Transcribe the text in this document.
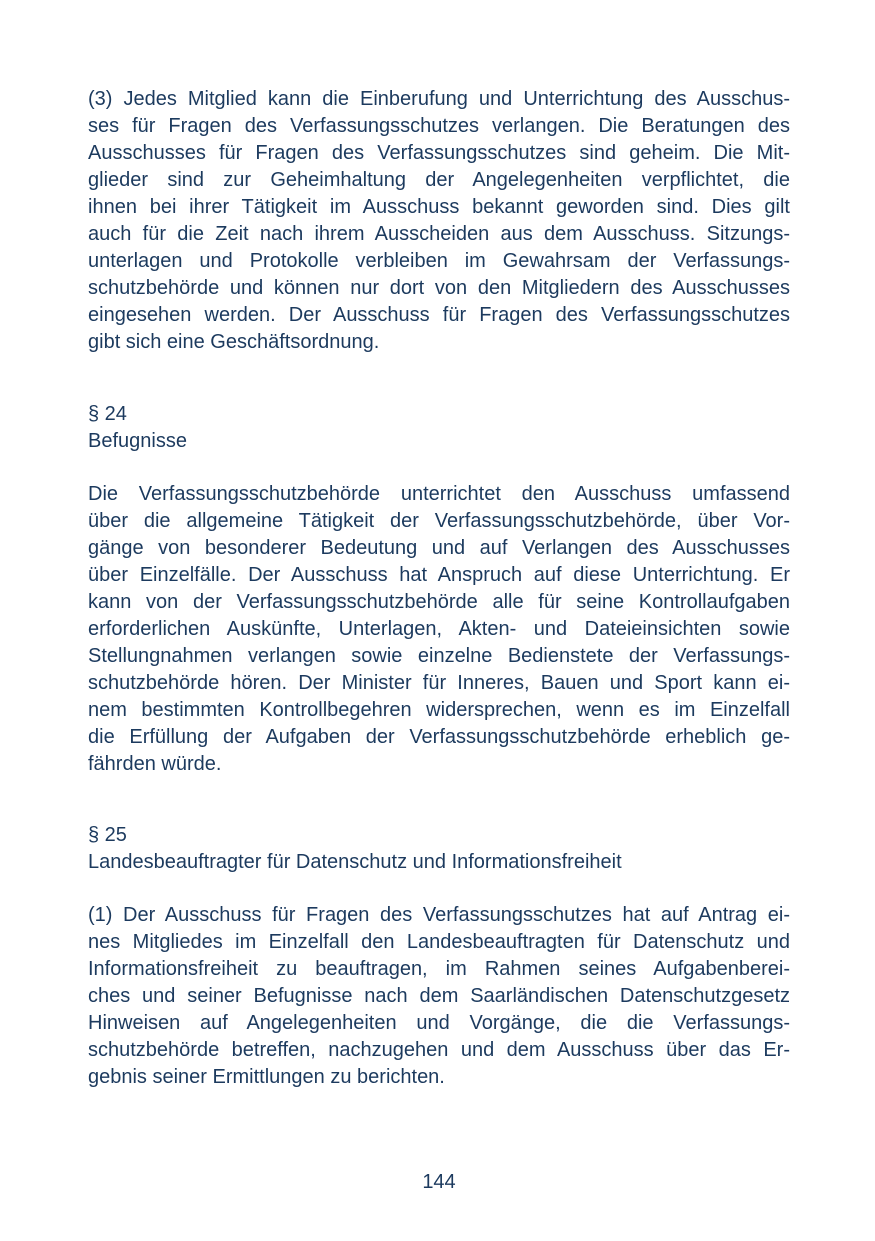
(3) Jedes Mitglied kann die Einberufung und Unterrichtung des Ausschus-
ses für Fragen des Verfassungsschutzes verlangen. Die Beratungen des
Ausschusses für Fragen des Verfassungsschutzes sind geheim. Die Mit-
glieder sind zur Geheimhaltung der Angelegenheiten verpflichtet, die
ihnen bei ihrer Tätigkeit im Ausschuss bekannt geworden sind. Dies gilt
auch für die Zeit nach ihrem Ausscheiden aus dem Ausschuss. Sitzungs-
unterlagen und Protokolle verbleiben im Gewahrsam der Verfassungs-
schutzbehörde und können nur dort von den Mitgliedern des Ausschusses
eingesehen werden. Der Ausschuss für Fragen des Verfassungsschutzes
gibt sich eine Geschäftsordnung.
§ 24
Befugnisse
Die Verfassungsschutzbehörde unterrichtet den Ausschuss umfassend
über die allgemeine Tätigkeit der Verfassungsschutzbehörde, über Vor-
gänge von besonderer Bedeutung und auf Verlangen des Ausschusses
über Einzelfälle. Der Ausschuss hat Anspruch auf diese Unterrichtung. Er
kann von der Verfassungsschutzbehörde alle für seine Kontrollaufgaben
erforderlichen Auskünfte, Unterlagen, Akten- und Dateieinsichten sowie
Stellungnahmen verlangen sowie einzelne Bedienstete der Verfassungs-
schutzbehörde hören. Der Minister für Inneres, Bauen und Sport kann ei-
nem bestimmten Kontrollbegehren widersprechen, wenn es im Einzelfall
die Erfüllung der Aufgaben der Verfassungsschutzbehörde erheblich ge-
fährden würde.
§ 25
Landesbeauftragter für Datenschutz und Informationsfreiheit
(1) Der Ausschuss für Fragen des Verfassungsschutzes hat auf Antrag ei-
nes Mitgliedes im Einzelfall den Landesbeauftragten für Datenschutz und
Informationsfreiheit zu beauftragen, im Rahmen seines Aufgabenberei-
ches und seiner Befugnisse nach dem Saarländischen Datenschutzgesetz
Hinweisen auf Angelegenheiten und Vorgänge, die die Verfassungs-
schutzbehörde betreffen, nachzugehen und dem Ausschuss über das Er-
gebnis seiner Ermittlungen zu berichten.
144
